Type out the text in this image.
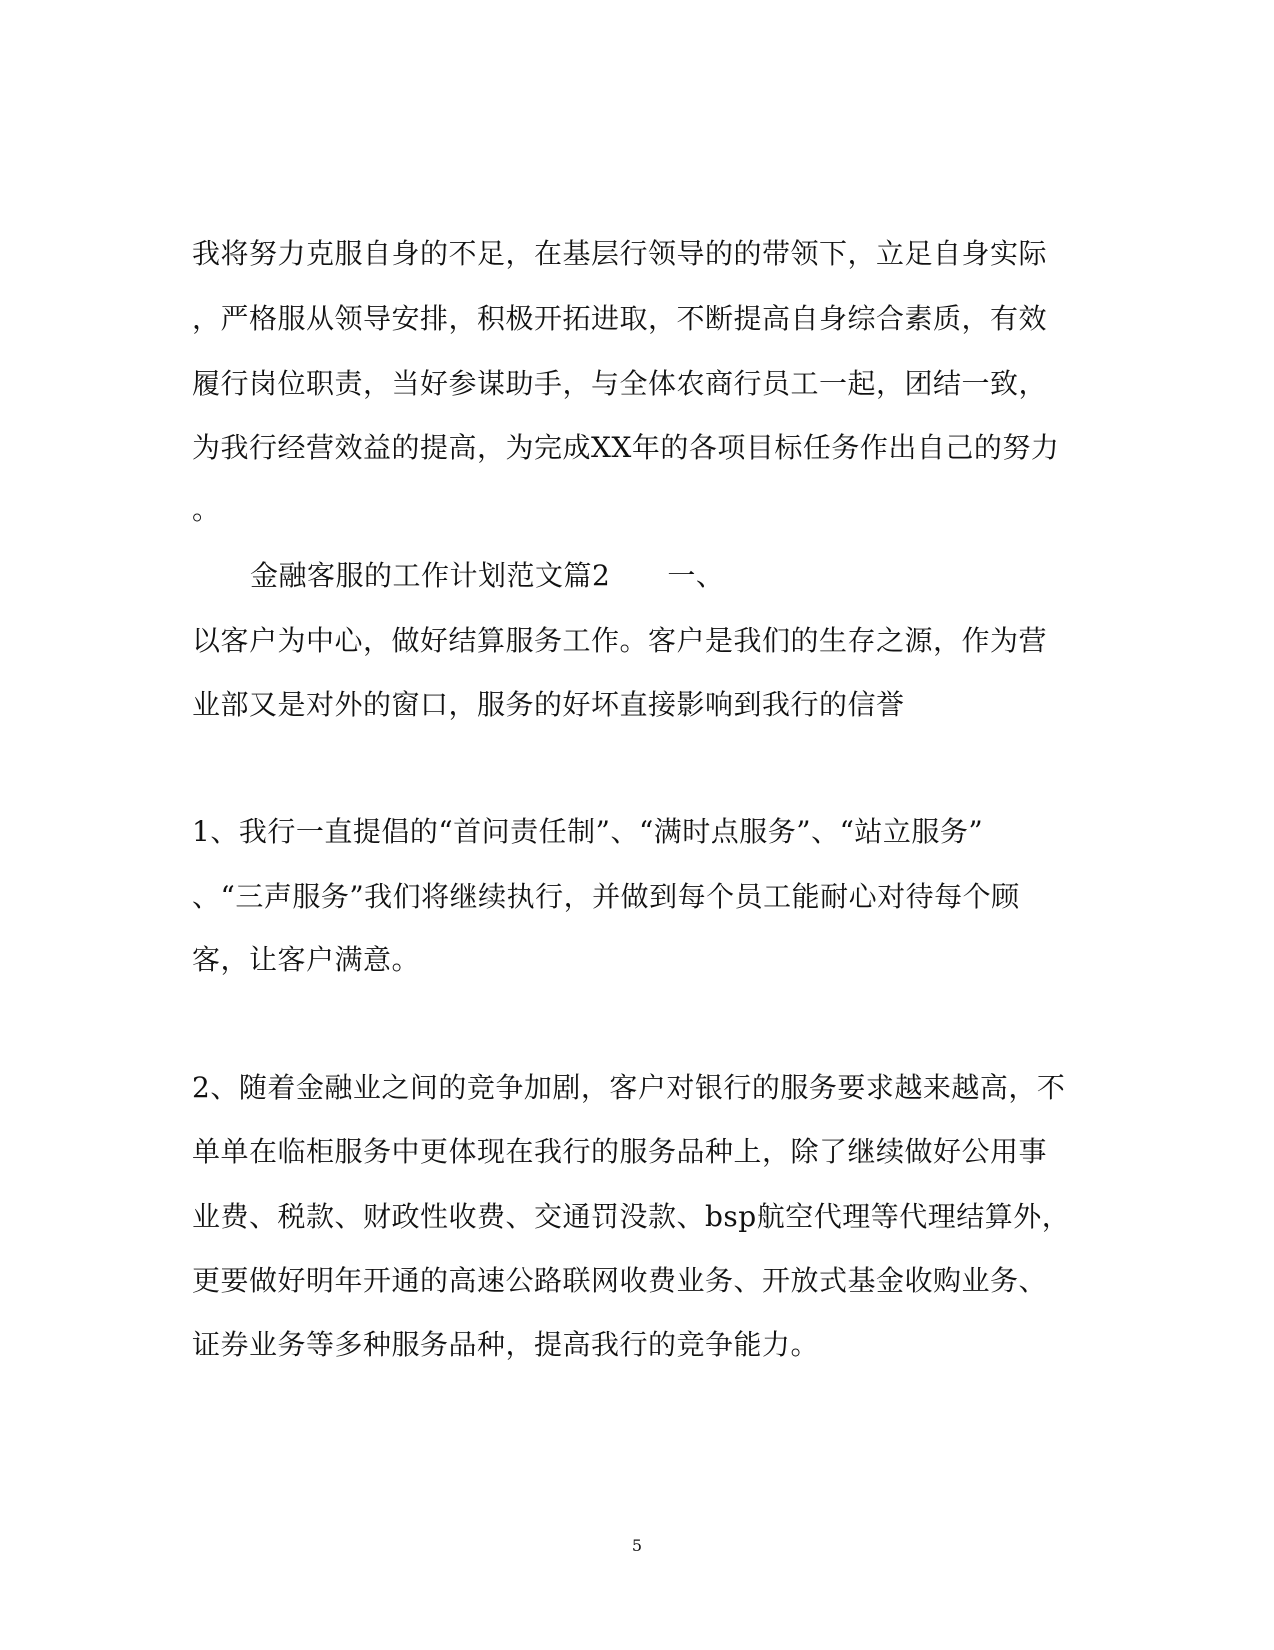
我将努力克服自身的不足，在基层行领导的的带领下，立足自身实际
，严格服从领导安排，积极开拓进取，不断提高自身综合素质，有效
履行岗位职责，当好参谋助手，与全体农商行员工一起，团结一致，
为我行经营效益的提高，为完成XX年的各项目标任务作出自己的努力
。
金融客服的工作计划范文篇2　　一、
以客户为中心，做好结算服务工作。客户是我们的生存之源，作为营
业部又是对外的窗口，服务的好坏直接影响到我行的信誉
1、我行一直提倡的“首问责任制”、“满时点服务”、“站立服务”
、“三声服务”我们将继续执行，并做到每个员工能耐心对待每个顾
客，让客户满意。
2、随着金融业之间的竞争加剧，客户对银行的服务要求越来越高，不
单单在临柜服务中更体现在我行的服务品种上，除了继续做好公用事
业费、税款、财政性收费、交通罚没款、bsp航空代理等代理结算外，
更要做好明年开通的高速公路联网收费业务、开放式基金收购业务、
证券业务等多种服务品种，提高我行的竞争能力。
5
